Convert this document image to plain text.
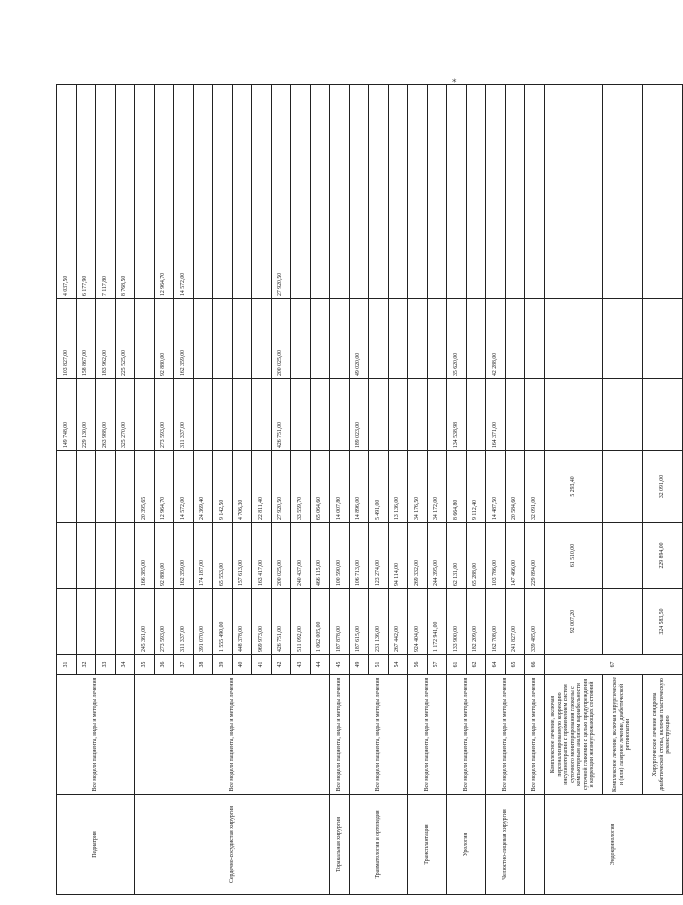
*
Педиатрия	Все модели пациента, виды и методы лечения	31				149 748,00	103 827,00	4 037,50	
		32				229 130,00	158 867,00	6 177,90	
		33				263 988,00	183 962,00	7 117,80	
		34				325 270,00	225 525,00	8 768,50	
Сердечно-сосудистая хирургия	Все модели пациента, виды и методы лечения	35	245 361,00	166 385,00	20 395,65				
		36	273 593,00	92 880,00	12 964,70	273 593,00	92 880,00	12 964,70	
		37	311 337,00	162 359,00	14 572,00	311 337,00	162 359,00	14 572,00	
		38	391 070,00	174 187,00	24 369,40				
		39	1 555 490,00	65 553,00	9 142,50				
		40	448 378,00	157 613,00	4 706,30				
		41	969 973,00	163 417,00	22 811,40				
		42	426 751,00	200 025,00	27 920,50	426 751,00	200 025,00	27 920,50	
		43	511 092,00	240 437,00	33 559,70				
		44	1 062 005,00	466 115,00	65 064,60				
Торакальная хирургия	Все модели пациента, виды и методы лечения	45	187 878,00	100 590,00	14 007,80				
Травматология и ортопедия	Все модели пациента, виды и методы лечения	49	187 615,00	106 713,00	14 896,00	189 023,00	49 020,00		
		51	231 136,00	123 274,00	5 491,00				
		54	267 442,00	94 114,00	13 136,00				
Трансплантация	Все модели пациента, виды и методы лечения	56	924 404,00	269 332,00	34 176,50				
		57	1 172 941,00	244 395,00	34 172,00				
Урология	Все модели пациента, виды и методы лечения	61	133 900,00	62 131,00	8 664,80	134 538,98	35 620,00		
		62	182 209,00	65 288,00	9 112,40				
Челюстно-лицевая хирургия	Все модели пациента, виды и методы лечения	64	162 708,00	103 786,00	14 487,50	164 371,00	42 288,00		
		65	241 827,00	147 466,00	20 584,60				
	Все модели пациента, виды и методы лечения	66	339 485,00	229 894,00	32 091,00				
Эндокринология	Комплексное лечение, включая персонализированную коррекцию инсулинотерапии с применением систем суточного мониторирования глюкозы с компьютерным анализом вариабельности суточной гликемии с целью предупреждения и коррекции жизнеугрожающих состояний	67	92 007,20	61 510,00	5 293,40				
	Комплексное лечение, включая хирургическое и (или) лазерное лечение, диабетической ретинопатии								
	Хирургическое лечение синдрома диабетической стопы, включая пластическую реконструкцию		324 583,50	229 894,00	32 091,00				
